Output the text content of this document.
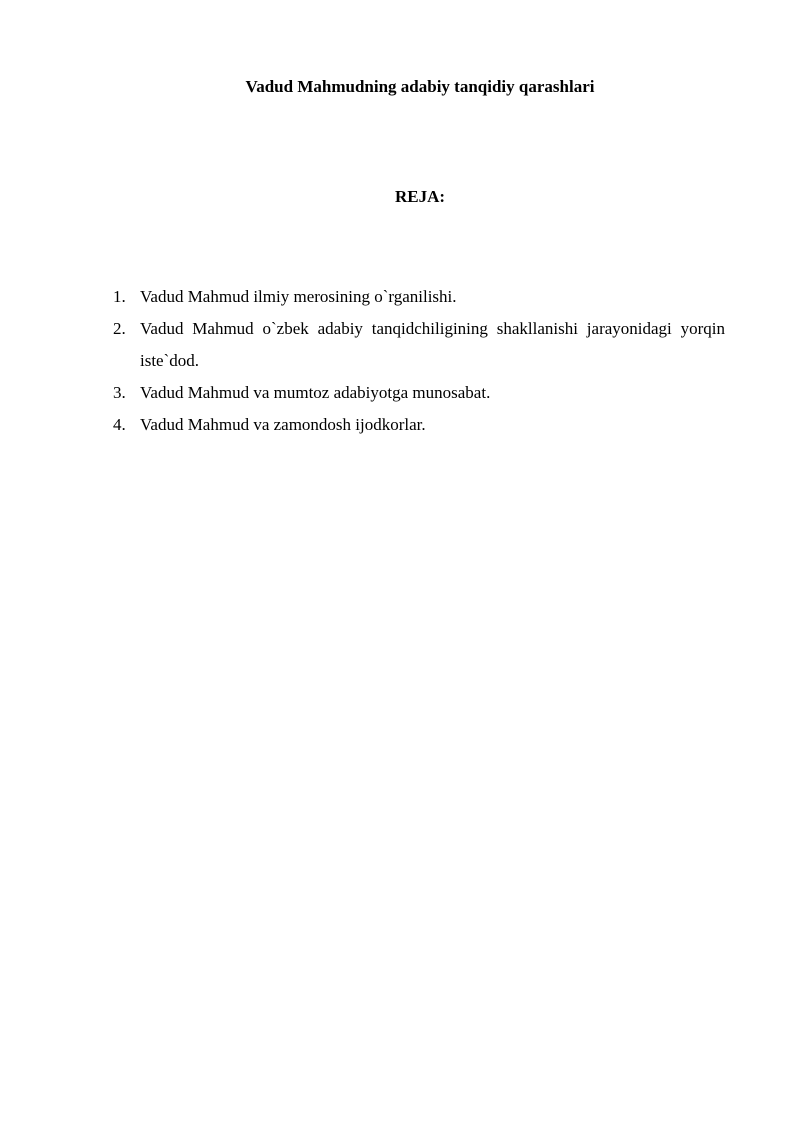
Vadud Mahmudning adabiy tanqidiy qarashlari
REJA:
1. Vadud Mahmud ilmiy merosining o`rganilishi.
2. Vadud Mahmud o`zbek adabiy tanqidchiligining shakllanishi jarayonidagi yorqin iste`dod.
3. Vadud Mahmud va mumtoz adabiyotga munosabat.
4. Vadud Mahmud va zamondosh ijodkorlar.
